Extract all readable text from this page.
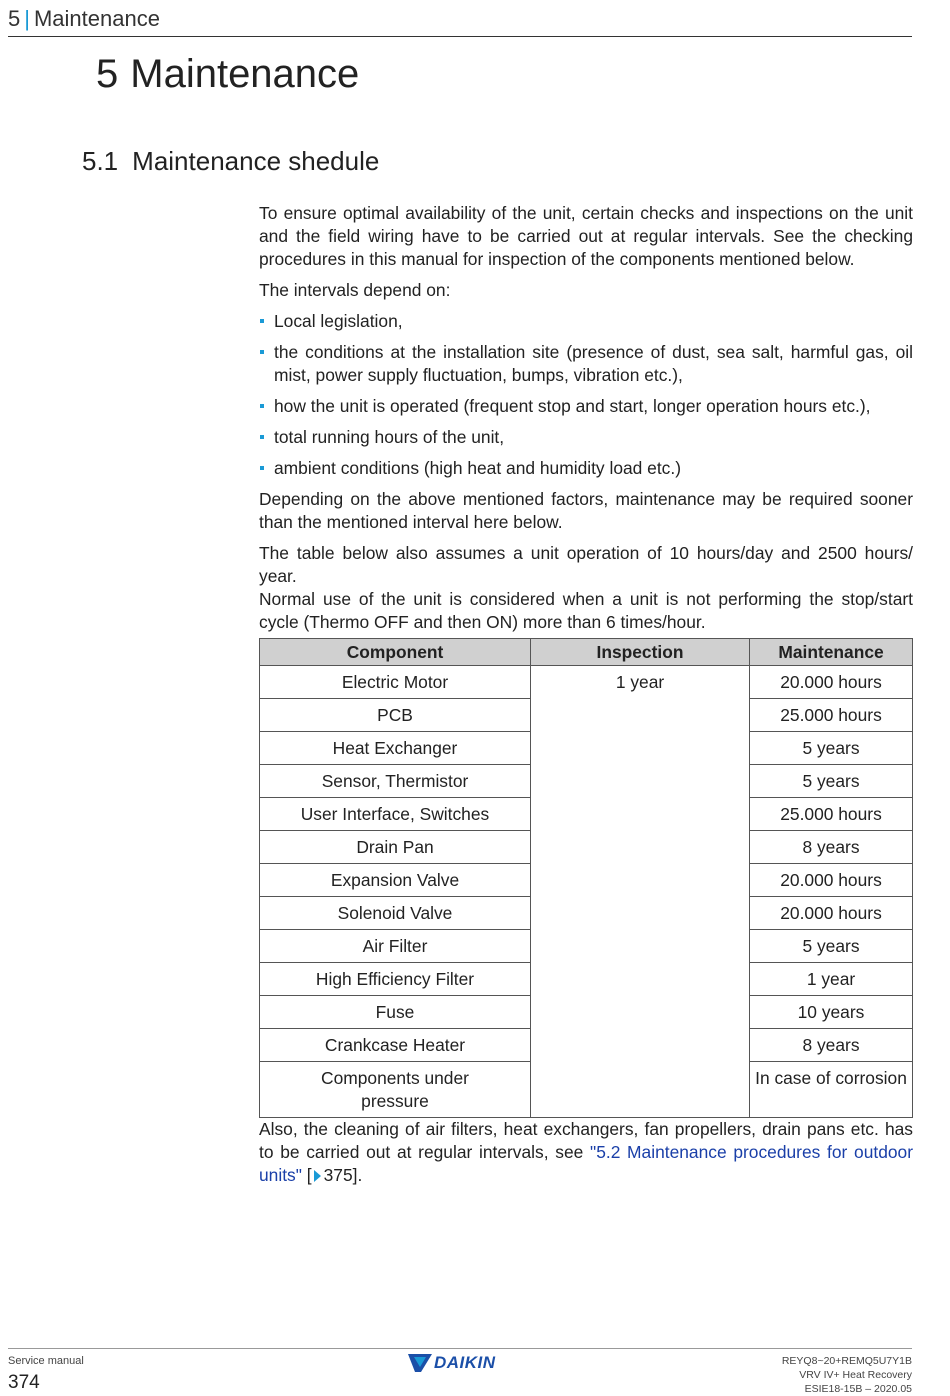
5 | Maintenance
5 Maintenance
5.1 Maintenance shedule

To ensure optimal availability of the unit, certain checks and inspections on the unit and the field wiring have to be carried out at regular intervals. See the checking procedures in this manual for inspection of the components mentioned below.

The intervals depend on:

Local legislation,
the conditions at the installation site (presence of dust, sea salt, harmful gas, oil mist, power supply fluctuation, bumps, vibration etc.),
how the unit is operated (frequent stop and start, longer operation hours etc.),
total running hours of the unit,
ambient conditions (high heat and humidity load etc.)

Depending on the above mentioned factors, maintenance may be required sooner than the mentioned interval here below.

The table below also assumes a unit operation of 10 hours/day and 2500 hours/ year.

Normal use of the unit is considered when a unit is not performing the stop/start cycle (Thermo OFF and then ON) more than 6 times/hour.

Component	Inspection	Maintenance
Electric Motor	1 year	20.000 hours
PCB		25.000 hours
Heat Exchanger		5 years
Sensor, Thermistor		5 years
User Interface, Switches		25.000 hours
Drain Pan		8 years
Expansion Valve		20.000 hours
Solenoid Valve		20.000 hours
Air Filter		5 years
High Efficiency Filter		1 year
Fuse		10 years
Crankcase Heater		8 years
Components under pressure		In case of corrosion

Also, the cleaning of air filters, heat exchangers, fan propellers, drain pans etc. has to be carried out at regular intervals, see "5.2 Maintenance procedures for outdoor units" [ 375].

Service manual
374
DAIKIN	REYQ8~20+REMQ5U7Y1B
VRV IV+ Heat Recovery
ESIE18-15B – 2020.05
